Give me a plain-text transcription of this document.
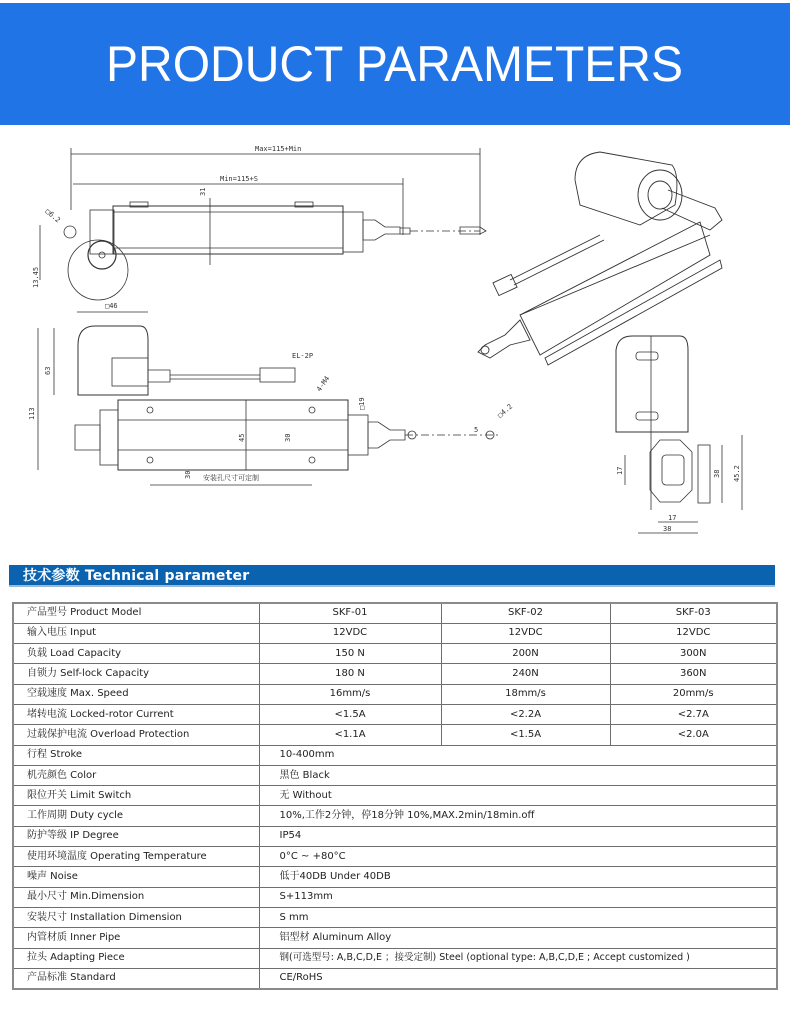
PRODUCT PARAMETERS
Max=115+Min
Min=115+S
31
13.45
□6.2
□46
EL-2P
63
113
30
45	30
安装孔尺寸可定制
4-M4
□19
5
□4.2
17	38 45.2
17
38
技术参数 Technical parameter
产品型号 Product Model	SKF-01	SKF-02	SKF-03
输入电压 Input	12VDC	12VDC	12VDC
负载 Load Capacity	150 N	200N	300N
自锁力 Self-lock Capacity	180 N	240N	360N
空载速度 Max. Speed	16mm/s	18mm/s	20mm/s
堵转电流 Locked-rotor Current	<1.5A	<2.2A	<2.7A
过载保护电流 Overload Protection	<1.1A	<1.5A	<2.0A
行程 Stroke	10-400mm		
机壳颜色 Color	黑色 Black		
限位开关 Limit Switch	无 Without		
工作周期 Duty cycle	10%,工作2分钟，停18分钟 10%,MAX.2min/18min.off		
防护等级 IP Degree	IP54		
使用环境温度 Operating Temperature	0°C ~ +80°C		
噪声 Noise	低于40DB Under 40DB		
最小尺寸 Min.Dimension	S+113mm		
安装尺寸 Installation Dimension	S mm		
内管材质 Inner Pipe	铝型材 Aluminum Alloy		
拉头 Adapting Piece	钢(可选型号: A,B,C,D,E ；接受定制) Steel (optional type: A,B,C,D,E ; Accept customized )		
产品标准 Standard	CE/RoHS		
